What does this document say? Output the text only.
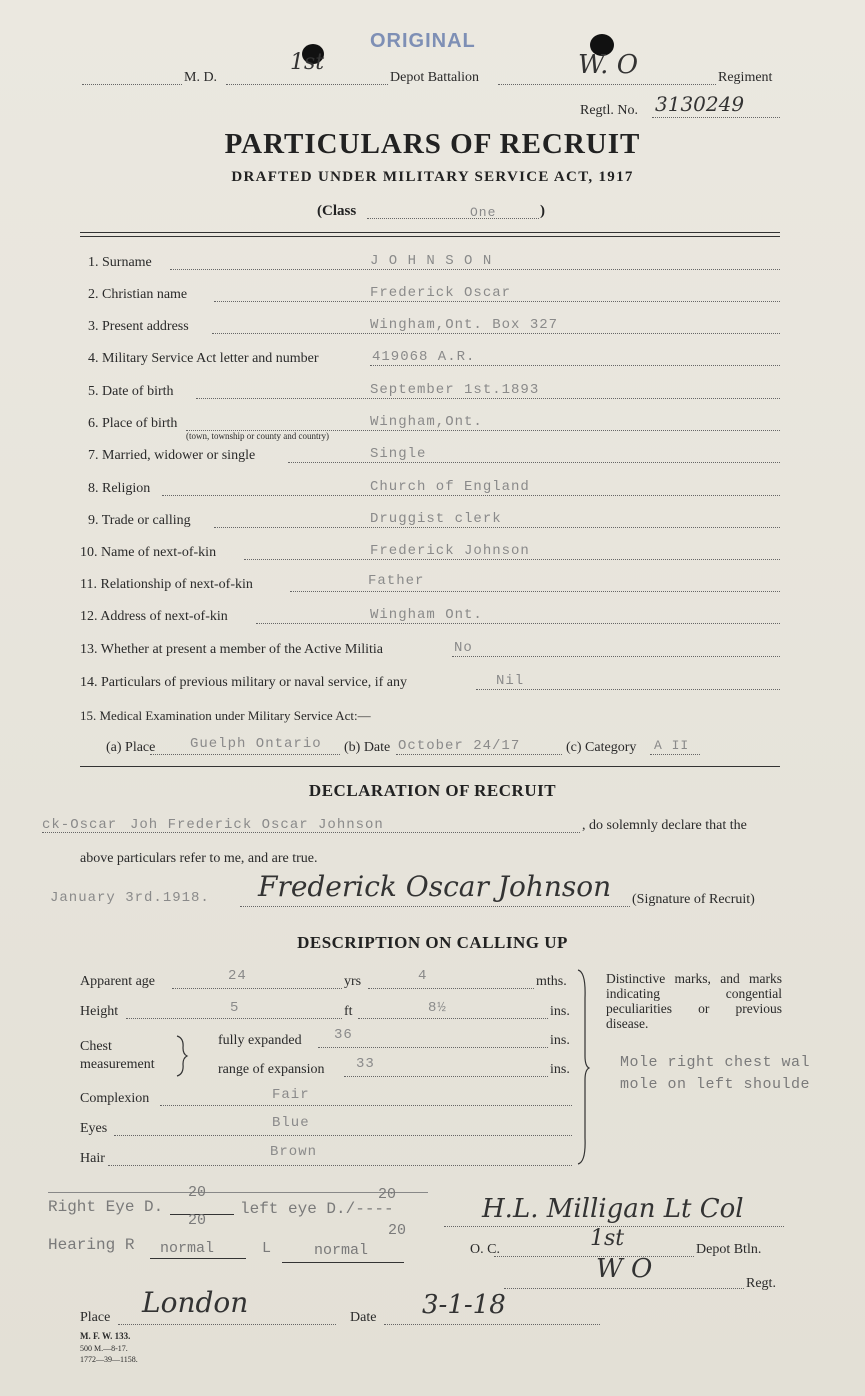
ORIGINAL
M. D.
1st
Depot Battalion	W. O	Regiment
Regtl. No. 3130249
PARTICULARS OF RECRUIT
DRAFTED UNDER MILITARY SERVICE ACT, 1917
(Class	One	)
1. Surname	J O H N S O N
2. Christian name	Frederick Oscar
3. Present address	Wingham,Ont. Box 327
4. Military Service Act letter and number	419068 A.R.
5. Date of birth	September 1st.1893
6. Place of birth	Wingham,Ont.
(town, township or county and country)
7. Married, widower or single	Single
8. Religion	Church of England
9. Trade or calling	Druggist clerk
10. Name of next-of-kin	Frederick Johnson
11. Relationship of next-of-kin	Father
12. Address of next-of-kin	Wingham Ont.
13. Whether at present a member of the Active Militia	No
14. Particulars of previous military or naval service, if any	Nil
15. Medical Examination under Military Service Act:—
(a) Place Guelph Ontario (b) Date October 24/17	(c) Category A II
DECLARATION OF RECRUIT
ck-Oscar Joh Frederick Oscar Johnson	, do solemnly declare that the
above particulars refer to me, and are true.
January 3rd.1918. Frederick Oscar Johnson (Signature of Recruit)
DESCRIPTION ON CALLING UP
Apparent age	24	yrs	4	mths.
Height	5	ft	8½	ins.
Chest
measurement
fully expanded 36	ins.
range of expansion 33	ins.
Complexion	Fair
Eyes	Blue
Hair	Brown
Distinctive marks, and marks indicating congential peculiarities or previous disease.
Mole right chest wal
mole on left shoulde
Right Eye D.
20
20
left eye D./----
20
20
Hearing R normal	L	normal
H.L. Milligan Lt Col
O. C.	1st	Depot Btln.
W O	Regt.
Place London	Date 3-1-18
M. F. W. 133.
500 M.—8-17.
1772—39—1158.
